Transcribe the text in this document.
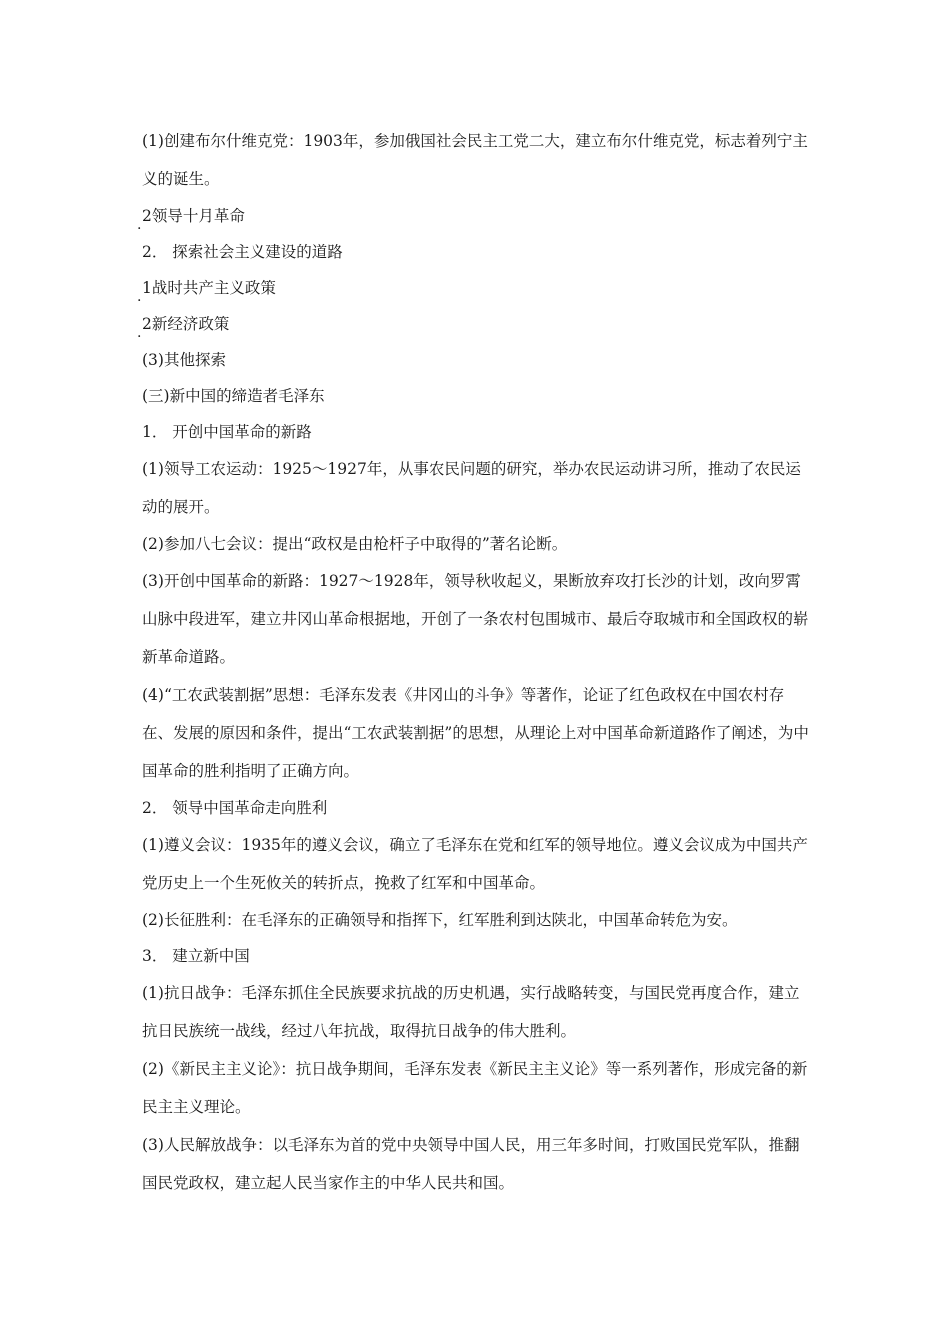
(1)创建布尔什维克党：1903年，参加俄国社会民主工党二大，建立布尔什维克党，标志着列宁主义的诞生。

. 2领导十月革命

2． 探索社会主义建设的道路

. 1战时共产主义政策

. 2新经济政策

(3)其他探索

(三)新中国的缔造者毛泽东

1． 开创中国革命的新路

(1)领导工农运动：1925～1927年，从事农民问题的研究，举办农民运动讲习所，推动了农民运动的展开。

(2)参加八七会议：提出“政权是由枪杆子中取得的”著名论断。

(3)开创中国革命的新路：1927～1928年，领导秋收起义，果断放弃攻打长沙的计划，改向罗霄山脉中段进军，建立井冈山革命根据地，开创了一条农村包围城市、最后夺取城市和全国政权的崭新革命道路。

(4)“工农武装割据”思想：毛泽东发表《井冈山的斗争》等著作，论证了红色政权在中国农村存在、发展的原因和条件，提出“工农武装割据”的思想，从理论上对中国革命新道路作了阐述，为中国革命的胜利指明了正确方向。

2． 领导中国革命走向胜利

(1)遵义会议：1935年的遵义会议，确立了毛泽东在党和红军的领导地位。遵义会议成为中国共产党历史上一个生死攸关的转折点，挽救了红军和中国革命。

(2)长征胜利：在毛泽东的正确领导和指挥下，红军胜利到达陕北，中国革命转危为安。

3． 建立新中国

(1)抗日战争：毛泽东抓住全民族要求抗战的历史机遇，实行战略转变，与国民党再度合作，建立抗日民族统一战线，经过八年抗战，取得抗日战争的伟大胜利。

(2)《新民主主义论》：抗日战争期间，毛泽东发表《新民主主义论》等一系列著作，形成完备的新民主主义理论。

(3)人民解放战争：以毛泽东为首的党中央领导中国人民，用三年多时间，打败国民党军队，推翻国民党政权，建立起人民当家作主的中华人民共和国。
